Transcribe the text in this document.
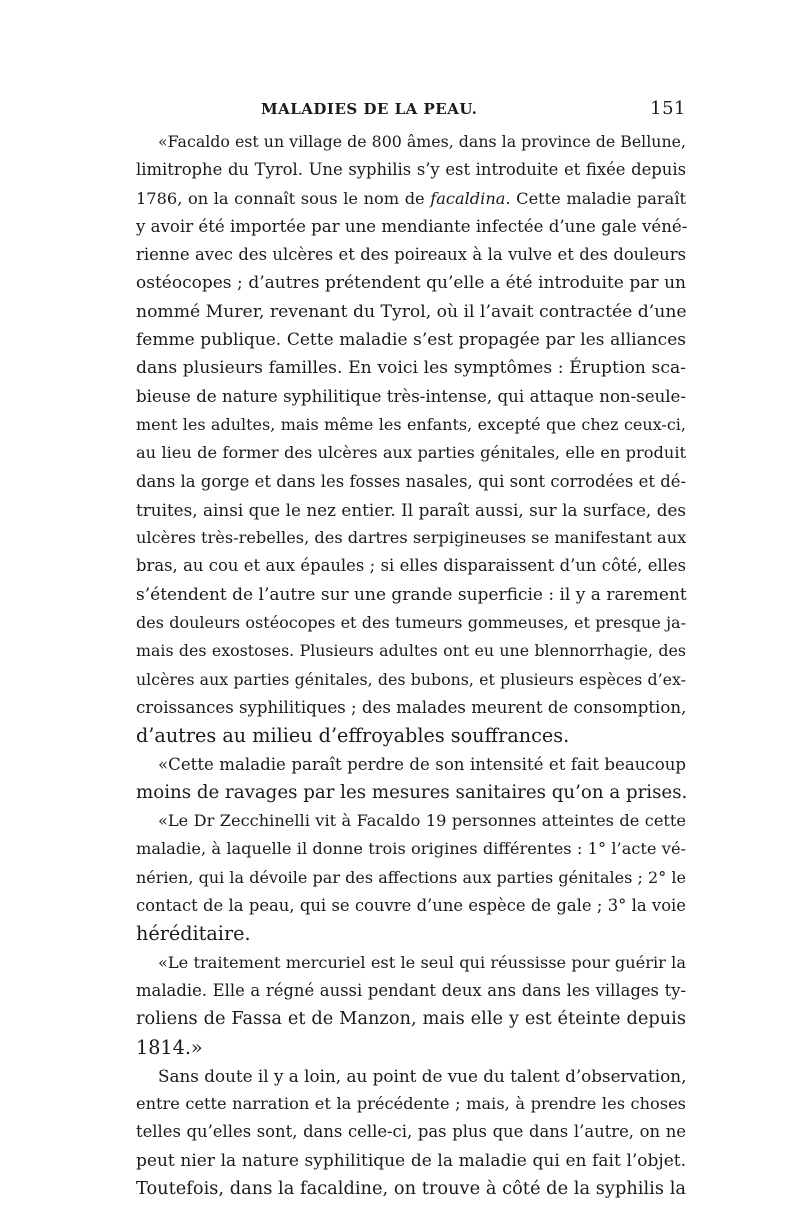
MALADIES DE LA PEAU.	151

«Facaldo est un village de 800 âmes, dans la province de Bellune,
limitrophe du Tyrol. Une syphilis s’y est introduite et fixée depuis
1786, on la connaît sous le nom de facaldina. Cette maladie paraît
y avoir été importée par une mendiante infectée d’une gale véné-
rienne avec des ulcères et des poireaux à la vulve et des douleurs
ostéocopes ; d’autres prétendent qu’elle a été introduite par un
nommé Murer, revenant du Tyrol, où il l’avait contractée d’une
femme publique. Cette maladie s’est propagée par les alliances
dans plusieurs familles. En voici les symptômes : Éruption sca-
bieuse de nature syphilitique très-intense, qui attaque non-seule-
ment les adultes, mais même les enfants, excepté que chez ceux-ci,
au lieu de former des ulcères aux parties génitales, elle en produit
dans la gorge et dans les fosses nasales, qui sont corrodées et dé-
truites, ainsi que le nez entier. Il paraît aussi, sur la surface, des
ulcères très-rebelles, des dartres serpigineuses se manifestant aux
bras, au cou et aux épaules ; si elles disparaissent d’un côté, elles
s’étendent de l’autre sur une grande superficie : il y a rarement
des douleurs ostéocopes et des tumeurs gommeuses, et presque ja-
mais des exostoses. Plusieurs adultes ont eu une blennorrhagie, des
ulcères aux parties génitales, des bubons, et plusieurs espèces d’ex-
croissances syphilitiques ; des malades meurent de consomption,
d’autres au milieu d’effroyables souffrances.

«Cette maladie paraît perdre de son intensité et fait beaucoup
moins de ravages par les mesures sanitaires qu’on a prises.

«Le Dr Zecchinelli vit à Facaldo 19 personnes atteintes de cette
maladie, à laquelle il donne trois origines différentes : 1° l’acte vé-
nérien, qui la dévoile par des affections aux parties génitales ; 2° le
contact de la peau, qui se couvre d’une espèce de gale ; 3° la voie
héréditaire.

«Le traitement mercuriel est le seul qui réussisse pour guérir la
maladie. Elle a régné aussi pendant deux ans dans les villages ty-
roliens de Fassa et de Manzon, mais elle y est éteinte depuis
1814.»

Sans doute il y a loin, au point de vue du talent d’observation,
entre cette narration et la précédente ; mais, à prendre les choses
telles qu’elles sont, dans celle-ci, pas plus que dans l’autre, on ne
peut nier la nature syphilitique de la maladie qui en fait l’objet.
Toutefois, dans la facaldine, on trouve à côté de la syphilis la
